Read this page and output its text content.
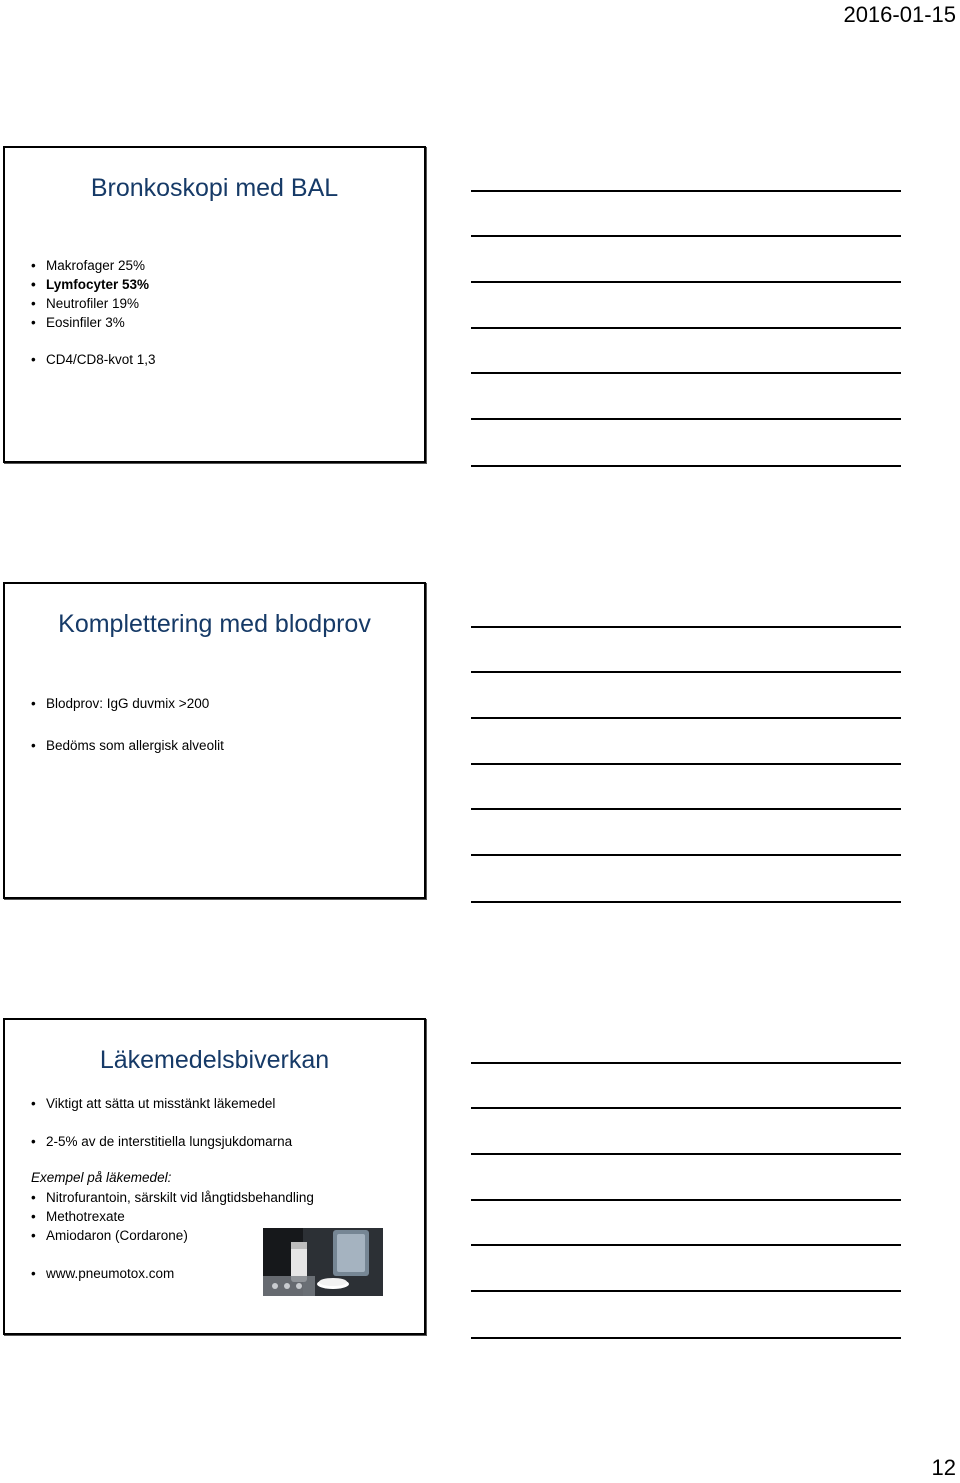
2016-01-15
Bronkoskopi med BAL
• Makrofager 25%
• Lymfocyter 53%
• Neutrofiler 19%
• Eosinfiler 3%
• CD4/CD8-kvot 1,3
Komplettering med blodprov
• Blodprov: IgG duvmix >200
• Bedöms som allergisk alveolit
Läkemedelsbiverkan
• Viktigt att sätta ut misstänkt läkemedel
• 2-5% av de interstitiella lungsjukdomarna
Exempel på läkemedel:
• Nitrofurantoin, särskilt vid långtidsbehandling
• Methotrexate
• Amiodaron (Cordarone)
• www.pneumotox.com
12
